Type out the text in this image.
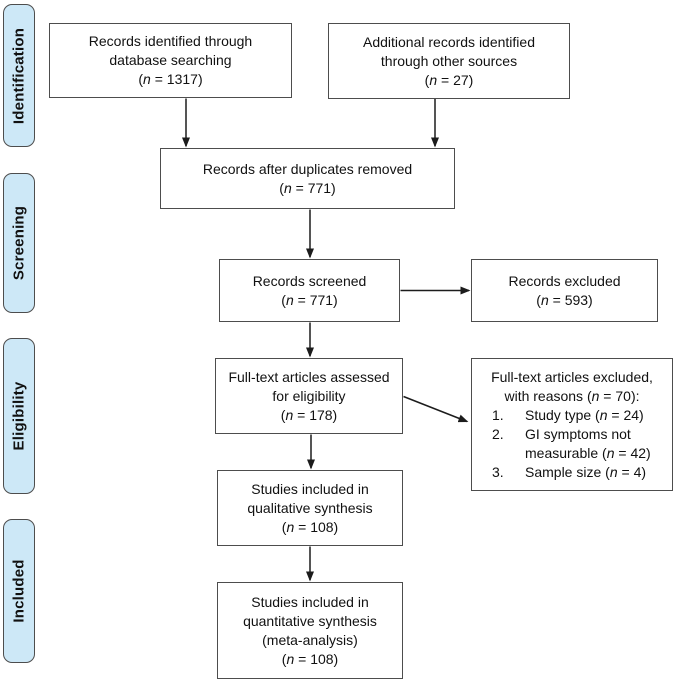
Identification
Screening
Eligibility
Included
Records identified through
database searching
(n = 1317)
Additional records identified
through other sources
(n = 27)
Records after duplicates removed
(n = 771)
Records screened
(n = 771)
Records excluded
(n = 593)
Full-text articles assessed
for eligibility
(n = 178)
Full-text articles excluded,
with reasons (n = 70):
1.	Study type (n = 24)
2.	GI symptoms not measurable (n = 42)
3.	Sample size (n = 4)
Studies included in
qualitative synthesis
(n = 108)
Studies included in
quantitative synthesis
(meta-analysis)
(n = 108)
